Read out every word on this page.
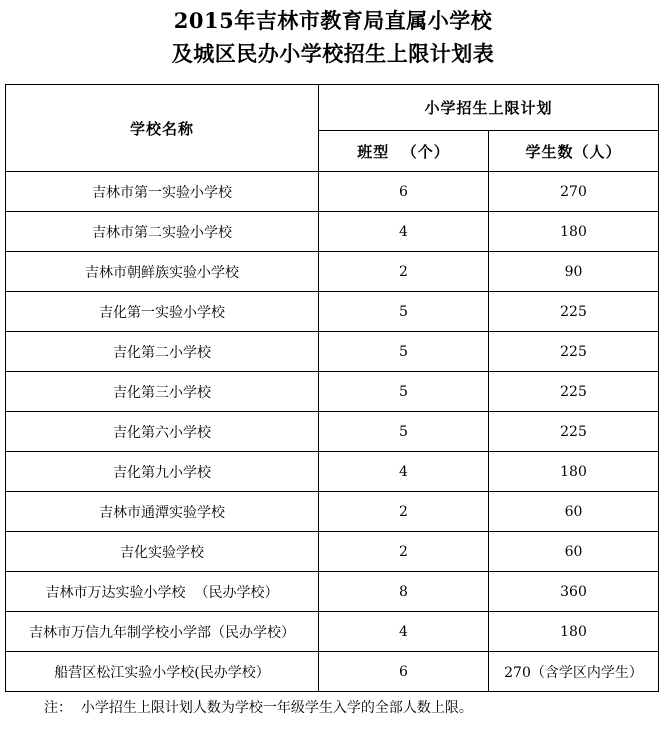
2015年吉林市教育局直属小学校
及城区民办小学校招生上限计划表
学校名称	小学招生上限计划	
	班型  （个）	学生数（人）
吉林市第一实验小学校	6	270
吉林市第二实验小学校	4	180
吉林市朝鲜族实验小学校	2	90
吉化第一实验小学校	5	225
吉化第二小学校	5	225
吉化第三小学校	5	225
吉化第六小学校	5	225
吉化第九小学校	4	180
吉林市通潭实验学校	2	60
吉化实验学校	2	60
吉林市万达实验小学校  （民办学校）	8	360
吉林市万信九年制学校小学部（民办学校）	4	180
船营区松江实验小学校(民办学校）	6	270（含学区内学生）
注：  小学招生上限计划人数为学校一年级学生入学的全部人数上限。
